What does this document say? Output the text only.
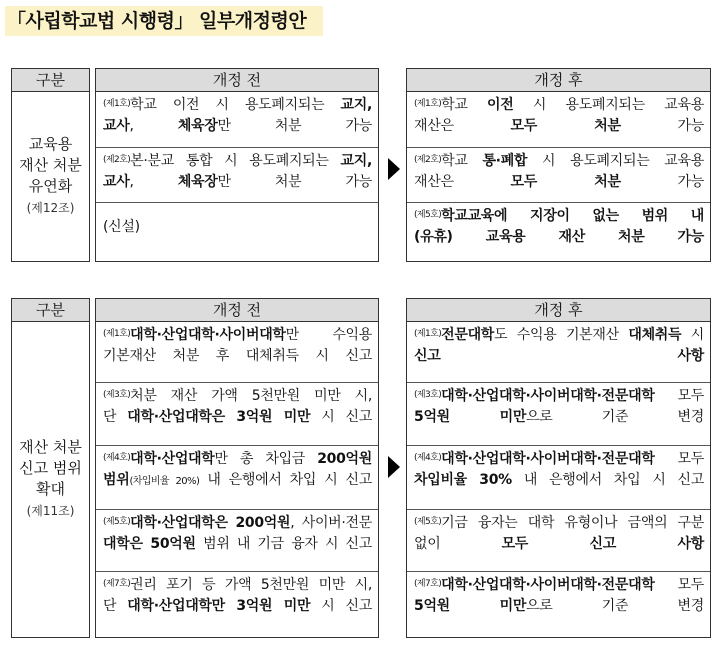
「사립학교법 시행령」 일부개정령안
구분
교육용
재산 처분
유연화
(제12조)
개정 전
$^{(제1호)}$학교 이전 시 용도폐지되는 교지,
교사, 체육장만 처분 가능
$^{(제2호)}$본·분교 통합 시 용도폐지되는 교지,
교사, 체육장만 처분 가능
(신설)
개정 후
$^{(제1호)}$학교 이전 시 용도폐지되는 교육용
재산은 모두 처분 가능
$^{(제2호)}$학교 통·폐합 시 용도폐지되는 교육용
재산은 모두 처분 가능
$^{(제5호)}$학교교육에 지장이 없는 범위 내
(유휴) 교육용 재산 처분 가능
구분
재산 처분
신고 범위
확대
(제11조)
개정 전
$^{(제1호)}$대학·산업대학·사이버대학만 수익용
기본재산 처분 후 대체취득 시 신고
$^{(제3호)}$처분 재산 가액 5천만원 미만 시,
단 대학·산업대학은 3억원 미만 시 신고
$^{(제4호)}$대학·산업대학만 총 차입금 200억원
범위(차입비율 20%) 내 은행에서 차입 시 신고
$^{(제5호)}$대학·산업대학은 200억원, 사이버·전문
대학은 50억원 범위 내 기금 융자 시 신고
$^{(제7호)}$권리 포기 등 가액 5천만원 미만 시,
단 대학·산업대학만 3억원 미만 시 신고
개정 후
$^{(제1호)}$전문대학도 수익용 기본재산 대체취득 시
신고 사항
$^{(제3호)}$대학·산업대학·사이버대학·전문대학 모두
5억원 미만으로 기준 변경
$^{(제4호)}$대학·산업대학·사이버대학·전문대학 모두
차입비율 30% 내 은행에서 차입 시 신고
$^{(제5호)}$기금 융자는 대학 유형이나 금액의 구분
없이 모두 신고 사항
$^{(제7호)}$대학·산업대학·사이버대학·전문대학 모두
5억원 미만으로 기준 변경
